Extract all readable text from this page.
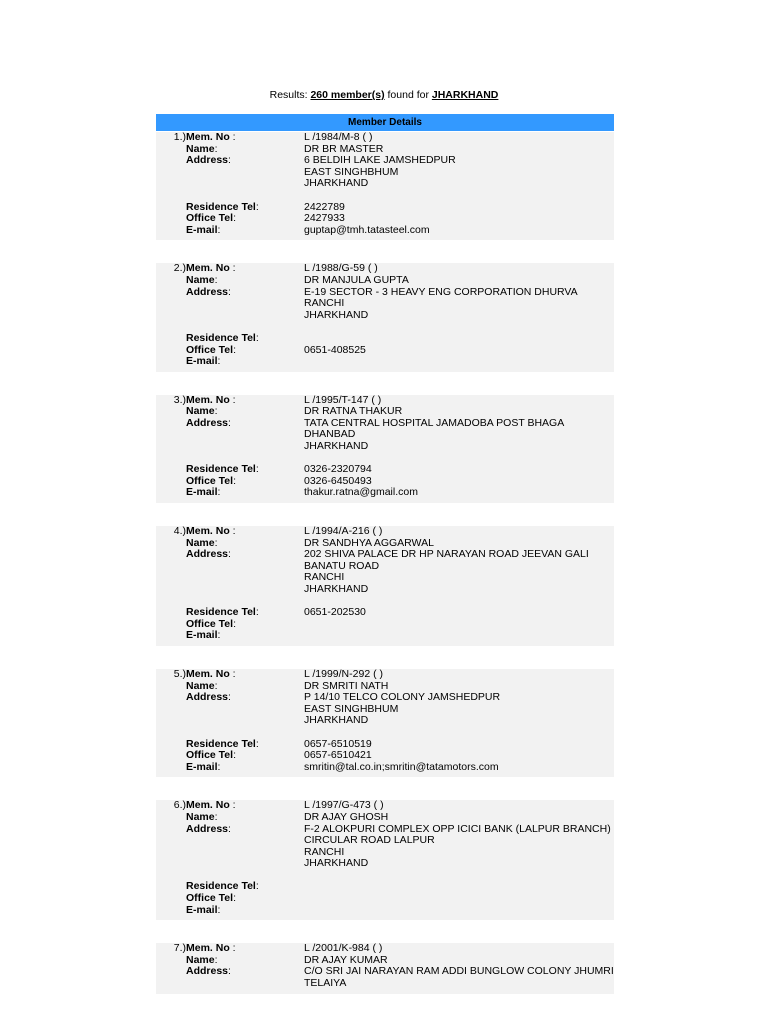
Results: 260 member(s) found for JHARKHAND
Member Details
1.) Mem. No :	L /1984/M-8 ( )
Name:	DR BR MASTER
Address:	6 BELDIH LAKE JAMSHEDPUR
EAST SINGHBHUM
JHARKHAND
Residence Tel:	2422789
Office Tel:	2427933
E-mail:	guptap@tmh.tatasteel.com
2.) Mem. No :	L /1988/G-59 ( )
Name:	DR MANJULA GUPTA
Address:	E-19 SECTOR - 3 HEAVY ENG CORPORATION DHURVA
RANCHI
JHARKHAND
Residence Tel:
Office Tel:	0651-408525
E-mail:
3.) Mem. No :	L /1995/T-147 ( )
Name:	DR RATNA THAKUR
Address:	TATA CENTRAL HOSPITAL JAMADOBA POST BHAGA
DHANBAD
JHARKHAND
Residence Tel:	0326-2320794
Office Tel:	0326-6450493
E-mail:	thakur.ratna@gmail.com
4.) Mem. No :	L /1994/A-216 ( )
Name:	DR SANDHYA AGGARWAL
Address:	202 SHIVA PALACE DR HP NARAYAN ROAD JEEVAN GALI
BANATU ROAD
RANCHI
JHARKHAND
Residence Tel:	0651-202530
Office Tel:
E-mail:
5.) Mem. No :	L /1999/N-292 ( )
Name:	DR SMRITI NATH
Address:	P 14/10 TELCO COLONY JAMSHEDPUR
EAST SINGHBHUM
JHARKHAND
Residence Tel:	0657-6510519
Office Tel:	0657-6510421
E-mail:	smritin@tal.co.in;smritin@tatamotors.com
6.) Mem. No :	L /1997/G-473 ( )
Name:	DR AJAY GHOSH
Address:	F-2 ALOKPURI COMPLEX OPP ICICI BANK (LALPUR BRANCH)
CIRCULAR ROAD LALPUR
RANCHI
JHARKHAND
Residence Tel:
Office Tel:
E-mail:
7.) Mem. No :	L /2001/K-984 ( )
Name:	DR AJAY KUMAR
Address:	C/O SRI JAI NARAYAN RAM ADDI BUNGLOW COLONY JHUMRI
TELAIYA
